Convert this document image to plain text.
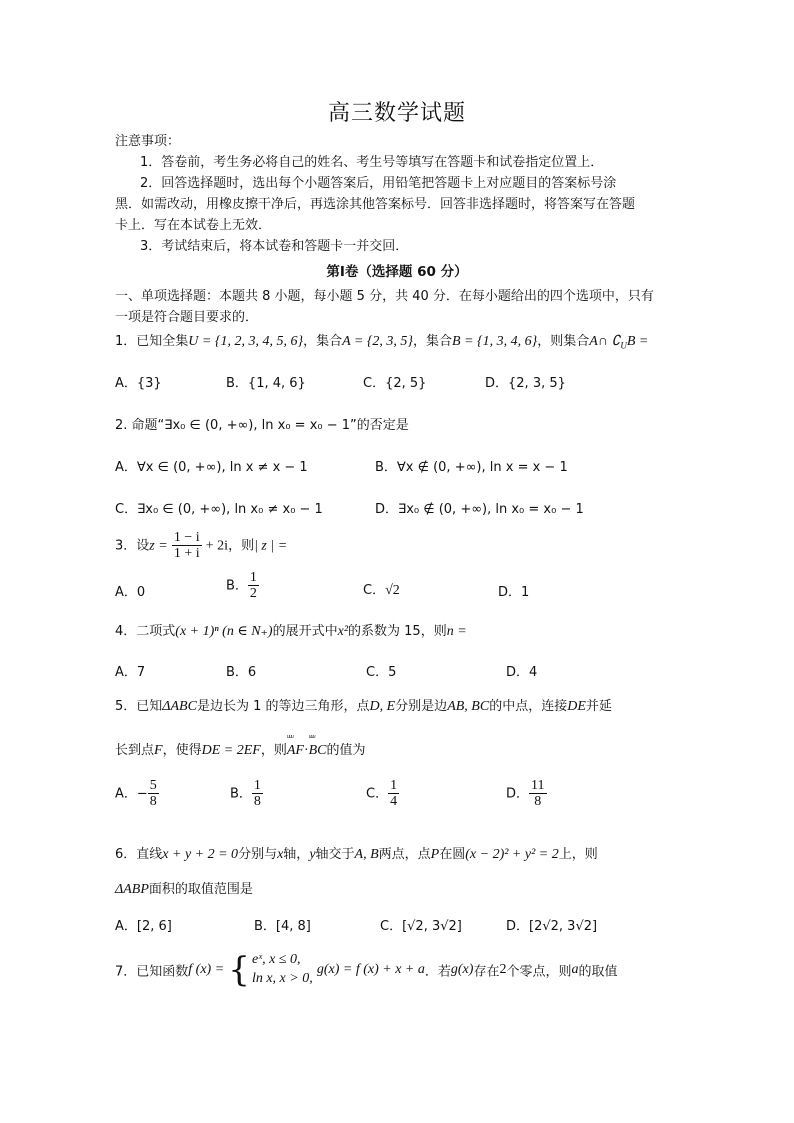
高三数学试题
注意事项：
1．答卷前，考生务必将自己的姓名、考生号等填写在答题卡和试卷指定位置上．
2．回答选择题时，选出每个小题答案后，用铅笔把答题卡上对应题目的答案标号涂
黑．如需改动，用橡皮擦干净后，再选涂其他答案标号．回答非选择题时，将答案写在答题
卡上．写在本试卷上无效．
3．考试结束后，将本试卷和答题卡一并交回．
第Ⅰ卷（选择题 60 分）
一、单项选择题：本题共 8 小题，每小题 5 分，共 40 分．在每小题给出的四个选项中，只有
一项是符合题目要求的．
1．已知全集U = {1, 2, 3, 4, 5, 6}，集合A = {2, 3, 5}，集合B = {1, 3, 4, 6}，则集合A∩ $∁_UB$ =
A．{3}	B．{1, 4, 6}	C．{2, 5}	D．{2, 3, 5}
2. 命题“∃x₀ ∈ (0, +∞), ln x₀ = x₀ − 1”的否定是
A．∀x ∈ (0, +∞), ln x ≠ x − 1	B．∀x ∉ (0, +∞), ln x = x − 1
C．∃x₀ ∈ (0, +∞), ln x₀ ≠ x₀ − 1	D．∃x₀ ∉ (0, +∞), ln x₀ = x₀ − 1
3．设$z = \frac{1 - i}{1 + i} + 2i$，则| z | =
A．0	B． $\frac{1}{2}$	C．√2	D．1
4．二项式(x + 1)ⁿ (n ∈ N₊)的展开式中x²的系数为 15，则n =
A．7	B．6	C．5	D．4
5．已知ΔABC是边长为 1 的等边三角形，点D, E分别是边AB, BC的中点，连接DE并延
长到点F，使得DE = 2EF，则uuu AF·uuu BC的值为
A．− $\frac{5}{8}$	B． $\frac{1}{8}$	C． $\frac{1}{4}$	D． $\frac{11}{8}$
6．直线x + y + 2 = 0分别与x轴，y轴交于A, B两点，点P在圆(x − 2)² + y² = 2上，则
ΔABP面积的取值范围是
A．[2, 6]	B．[4, 8]	C．[√2, 3√2]	D．[2√2, 3√2]
7．已知函数f (x) = { eˣ, x ≤ 0,
ln x, x > 0,
g(x) = f (x) + x + a．若g(x)存在2个零点，则a的取值
